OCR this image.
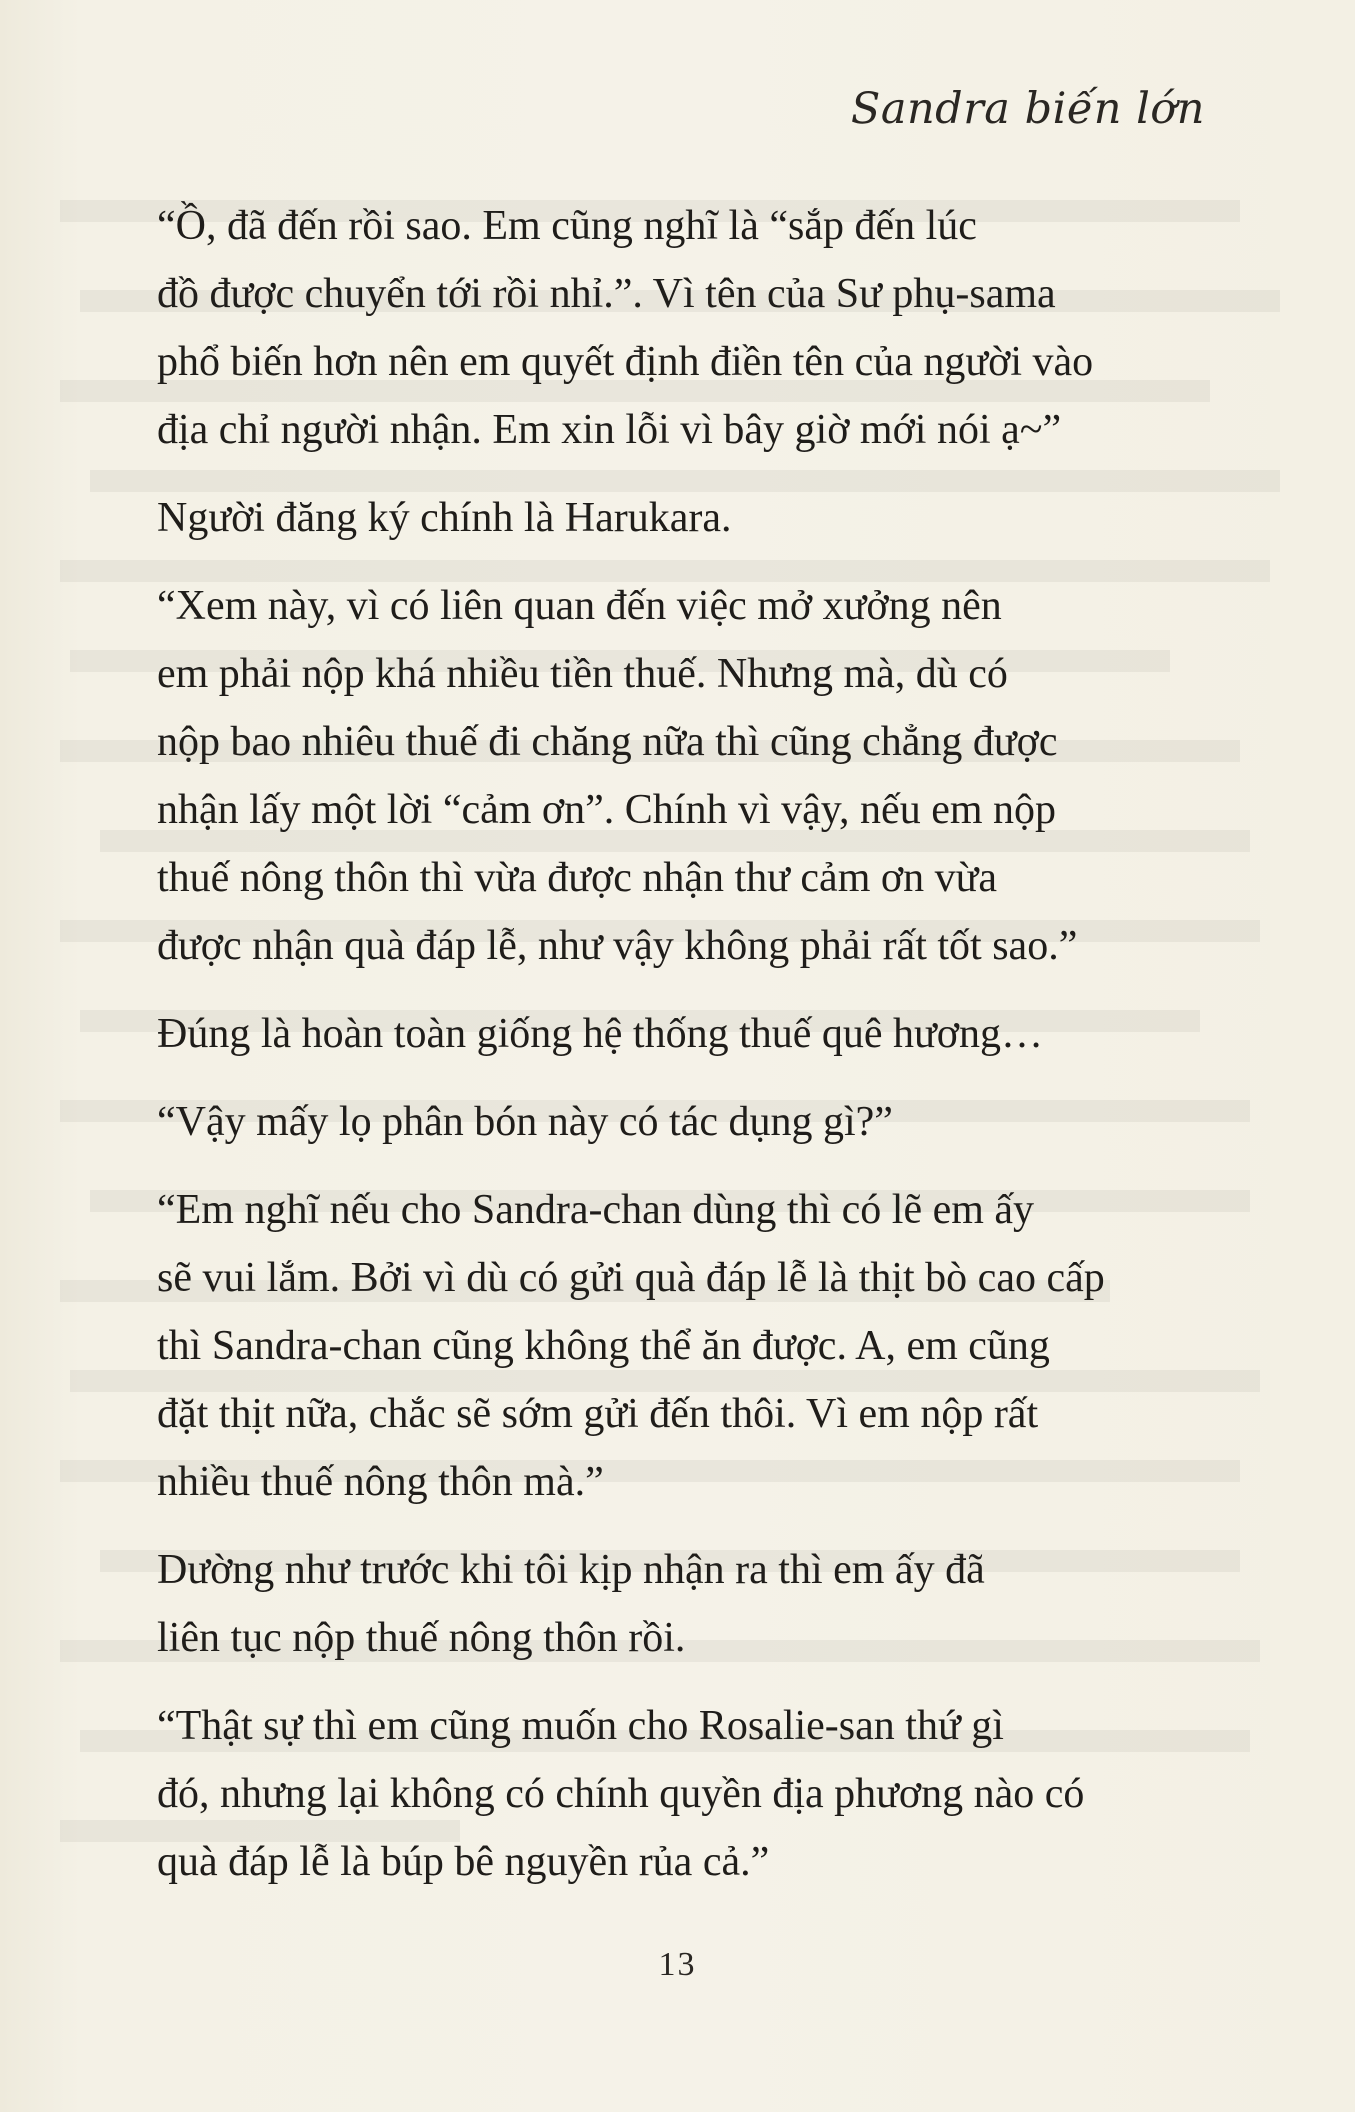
Sandra biến lớn

“Ồ, đã đến rồi sao. Em cũng nghĩ là “sắp đến lúc
đồ được chuyển tới rồi nhỉ.”. Vì tên của Sư phụ-sama
phổ biến hơn nên em quyết định điền tên của người vào
địa chỉ người nhận. Em xin lỗi vì bây giờ mới nói ạ~”

Người đăng ký chính là Harukara.

“Xem này, vì có liên quan đến việc mở xưởng nên
em phải nộp khá nhiều tiền thuế. Nhưng mà, dù có
nộp bao nhiêu thuế đi chăng nữa thì cũng chẳng được
nhận lấy một lời “cảm ơn”. Chính vì vậy, nếu em nộp
thuế nông thôn thì vừa được nhận thư cảm ơn vừa
được nhận quà đáp lễ, như vậy không phải rất tốt sao.”

Đúng là hoàn toàn giống hệ thống thuế quê hương…

“Vậy mấy lọ phân bón này có tác dụng gì?”

“Em nghĩ nếu cho Sandra-chan dùng thì có lẽ em ấy
sẽ vui lắm. Bởi vì dù có gửi quà đáp lễ là thịt bò cao cấp
thì Sandra-chan cũng không thể ăn được. A, em cũng
đặt thịt nữa, chắc sẽ sớm gửi đến thôi. Vì em nộp rất
nhiều thuế nông thôn mà.”

Dường như trước khi tôi kịp nhận ra thì em ấy đã
liên tục nộp thuế nông thôn rồi.

“Thật sự thì em cũng muốn cho Rosalie-san thứ gì
đó, nhưng lại không có chính quyền địa phương nào có
quà đáp lễ là búp bê nguyền rủa cả.”

13
